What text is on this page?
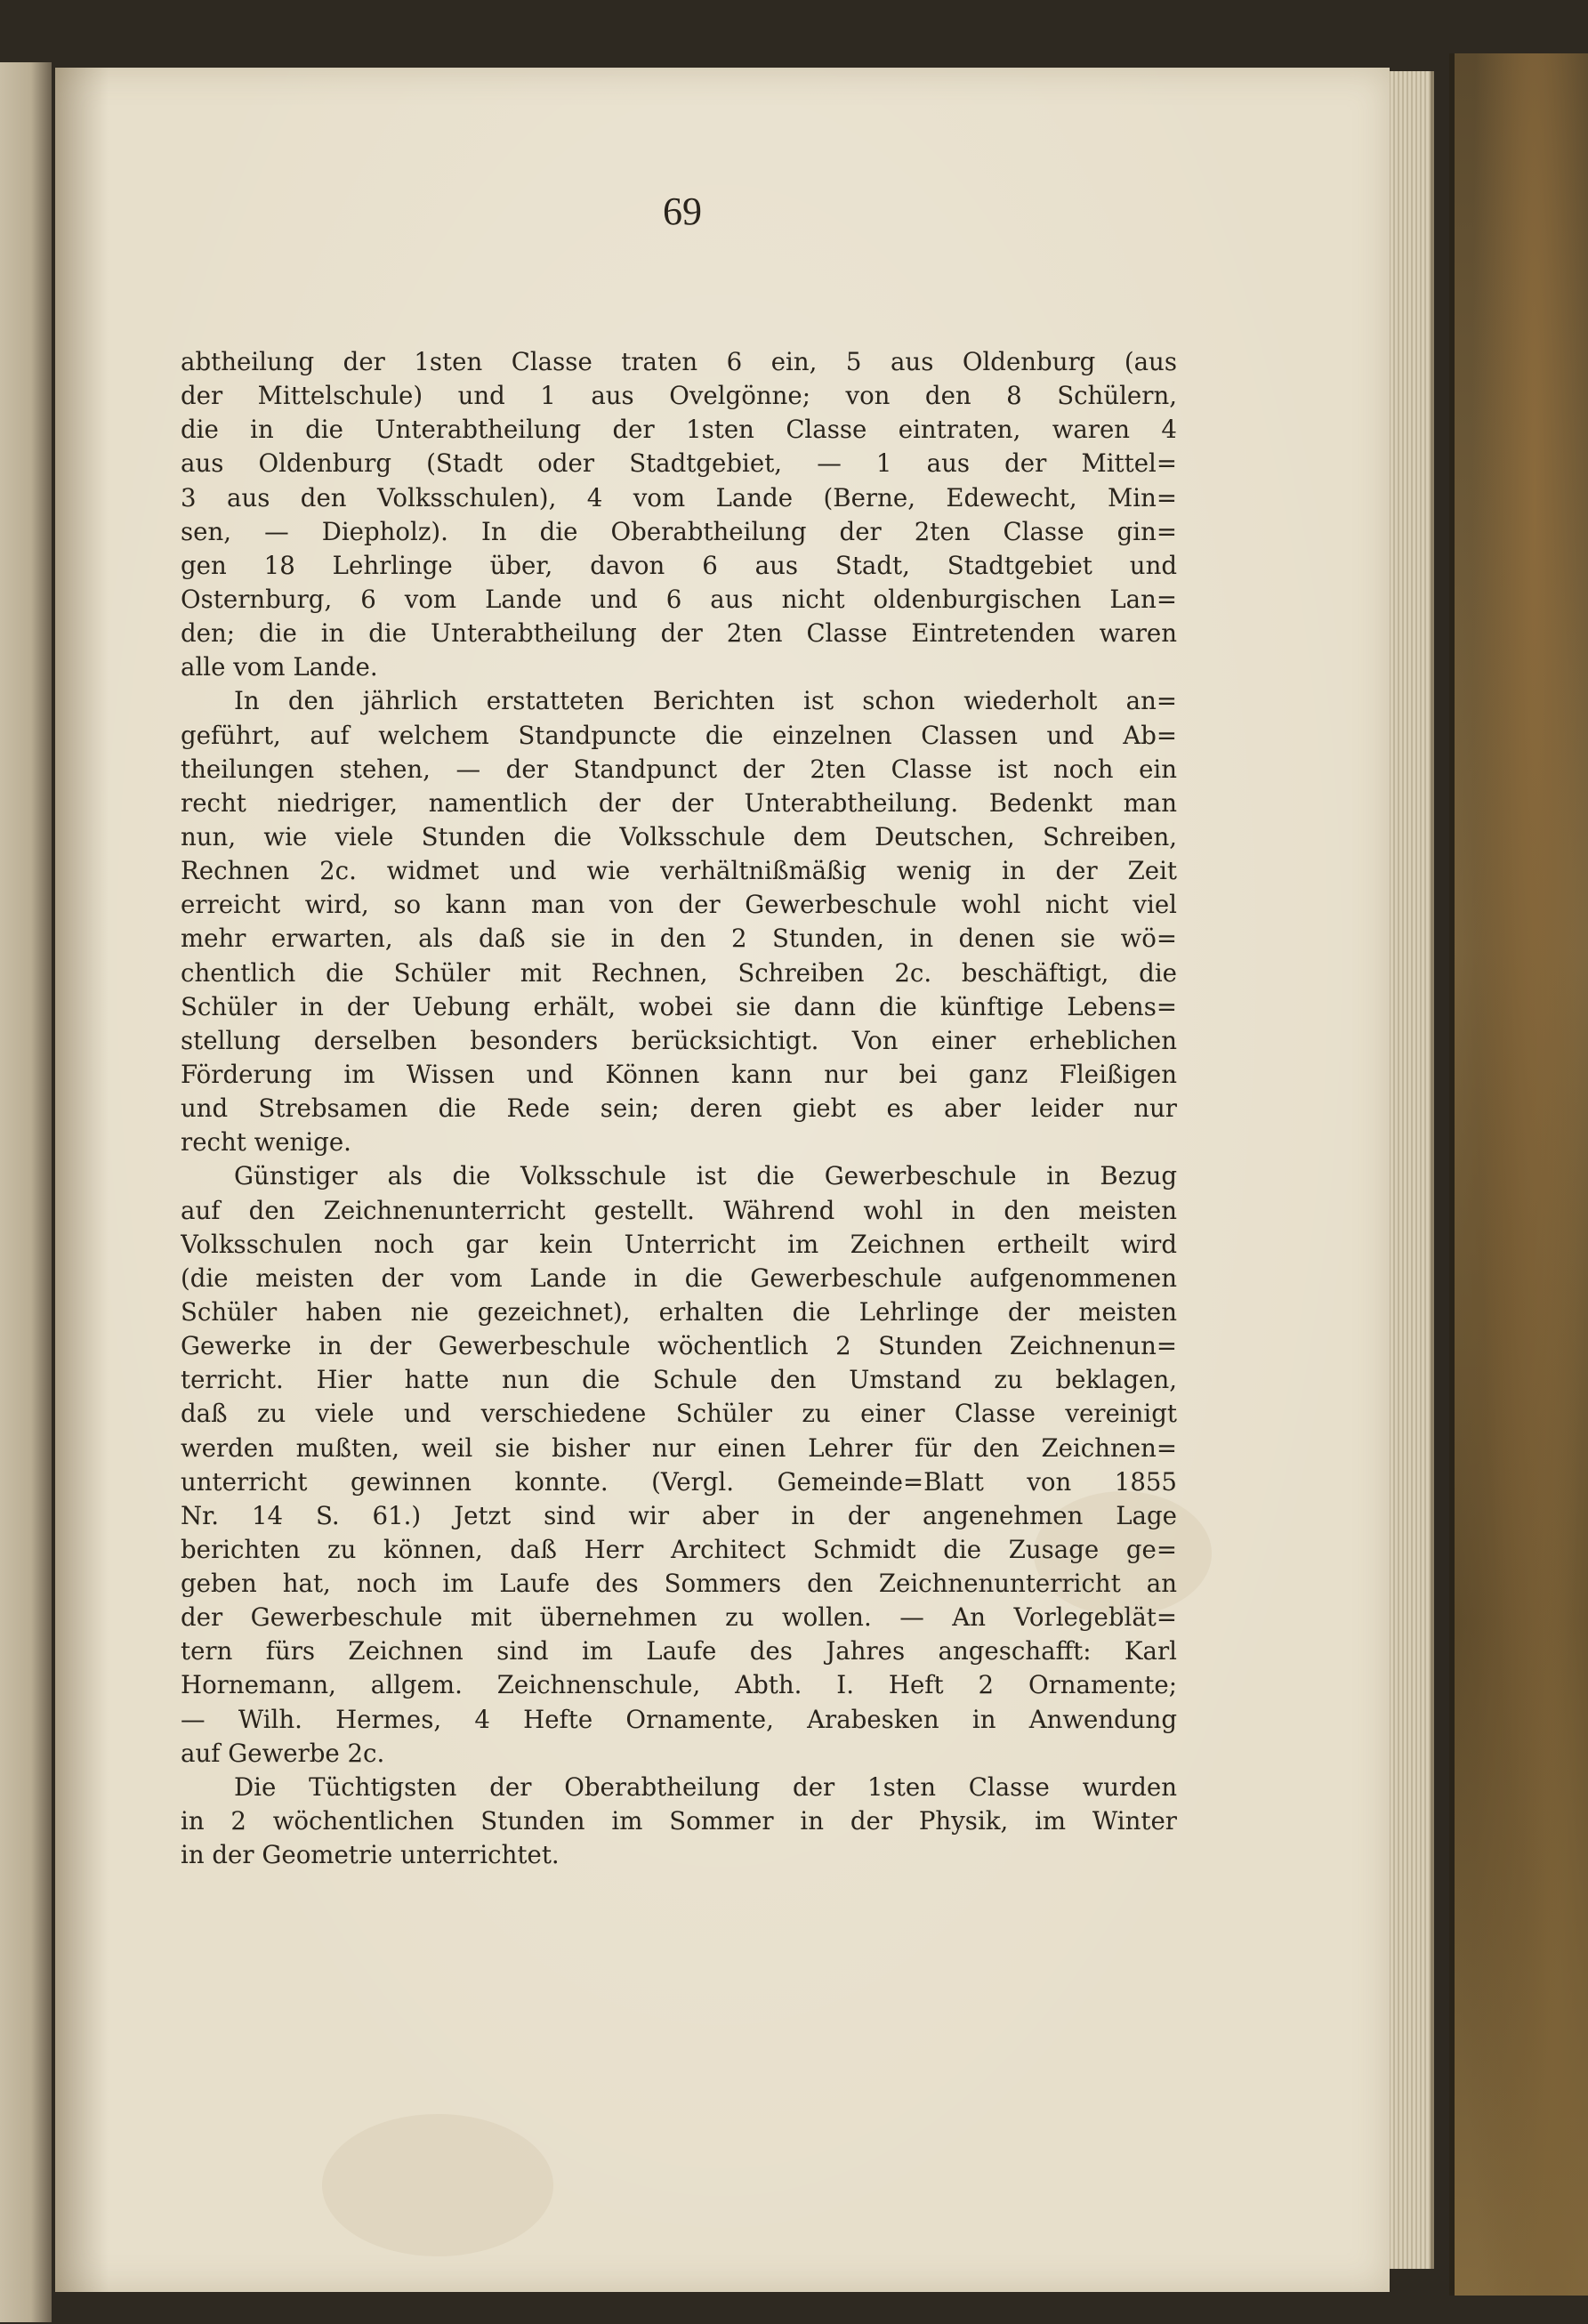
69
abtheilung der 1sten Classe traten 6 ein, 5 aus Oldenburg (aus
der Mittelschule) und 1 aus Ovelgönne; von den 8 Schülern,
die in die Unterabtheilung der 1sten Classe eintraten, waren 4
aus Oldenburg (Stadt oder Stadtgebiet, — 1 aus der Mittel=
3 aus den Volksschulen), 4 vom Lande (Berne, Edewecht, Min=
sen, — Diepholz). In die Oberabtheilung der 2ten Classe gin=
gen 18 Lehrlinge über, davon 6 aus Stadt, Stadtgebiet und
Osternburg, 6 vom Lande und 6 aus nicht oldenburgischen Lan=
den; die in die Unterabtheilung der 2ten Classe Eintretenden waren
alle vom Lande.
In den jährlich erstatteten Berichten ist schon wiederholt an=
geführt, auf welchem Standpuncte die einzelnen Classen und Ab=
theilungen stehen, — der Standpunct der 2ten Classe ist noch ein
recht niedriger, namentlich der der Unterabtheilung. Bedenkt man
nun, wie viele Stunden die Volksschule dem Deutschen, Schreiben,
Rechnen 2c. widmet und wie verhältnißmäßig wenig in der Zeit
erreicht wird, so kann man von der Gewerbeschule wohl nicht viel
mehr erwarten, als daß sie in den 2 Stunden, in denen sie wö=
chentlich die Schüler mit Rechnen, Schreiben 2c. beschäftigt, die
Schüler in der Uebung erhält, wobei sie dann die künftige Lebens=
stellung derselben besonders berücksichtigt. Von einer erheblichen
Förderung im Wissen und Können kann nur bei ganz Fleißigen
und Strebsamen die Rede sein; deren giebt es aber leider nur
recht wenige.
Günstiger als die Volksschule ist die Gewerbeschule in Bezug
auf den Zeichnenunterricht gestellt. Während wohl in den meisten
Volksschulen noch gar kein Unterricht im Zeichnen ertheilt wird
(die meisten der vom Lande in die Gewerbeschule aufgenommenen
Schüler haben nie gezeichnet), erhalten die Lehrlinge der meisten
Gewerke in der Gewerbeschule wöchentlich 2 Stunden Zeichnenun=
terricht. Hier hatte nun die Schule den Umstand zu beklagen,
daß zu viele und verschiedene Schüler zu einer Classe vereinigt
werden mußten, weil sie bisher nur einen Lehrer für den Zeichnen=
unterricht gewinnen konnte. (Vergl. Gemeinde=Blatt von 1855
Nr. 14 S. 61.) Jetzt sind wir aber in der angenehmen Lage
berichten zu können, daß Herr Architect Schmidt die Zusage ge=
geben hat, noch im Laufe des Sommers den Zeichnenunterricht an
der Gewerbeschule mit übernehmen zu wollen. — An Vorlegeblät=
tern fürs Zeichnen sind im Laufe des Jahres angeschafft: Karl
Hornemann, allgem. Zeichnenschule, Abth. I. Heft 2 Ornamente;
— Wilh. Hermes, 4 Hefte Ornamente, Arabesken in Anwendung
auf Gewerbe 2c.
Die Tüchtigsten der Oberabtheilung der 1sten Classe wurden
in 2 wöchentlichen Stunden im Sommer in der Physik, im Winter
in der Geometrie unterrichtet.
